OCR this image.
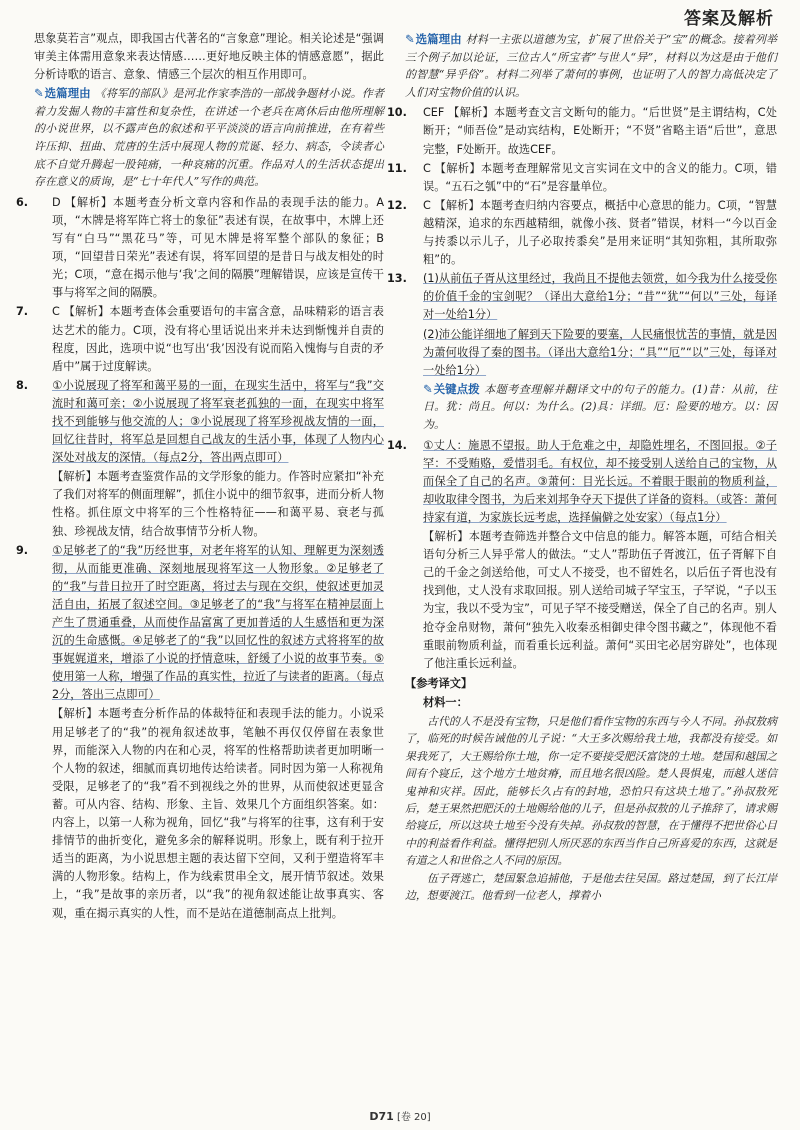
答案及解析
思象莫若言”观点，即我国古代著名的“言象意”理论。相关论述是“强调审美主体需用意象来表达情感……更好地反映主体的情感意愿”，据此分析诗歌的语言、意象、情感三个层次的相互作用即可。
✎选篇理由 《将军的部队》是河北作家李浩的一部战争题材小说。作者着力发掘人物的丰富性和复杂性，在讲述一个老兵在离休后由他所理解的小说世界，以不露声色的叙述和平平淡淡的语言向前推进，在有着些许压抑、扭曲、荒唐的生活中展现人物的荒诞、轻力、病态，令读者心底不自觉升腾起一股钝痛，一种哀痛的沉重。作品对人的生活状态提出存在意义的质询，是“七十年代人”写作的典范。
6. D 【解析】本题考查分析文章内容和作品的表现手法的能力。A项，“木牌是将军阵亡将士的象征”表述有误，在故事中，木牌上还写有“白马”“黑花马”等，可见木牌是将军整个部队的象征；B项，“回望昔日荣光”表述有误，将军回望的是昔日与战友相处的时光；C项，“意在揭示他与‘我’之间的隔膜”理解错误，应该是宣传干事与将军之间的隔膜。
7. C 【解析】本题考查体会重要语句的丰富含意，品味精彩的语言表达艺术的能力。C项，没有将心里话说出来并未达到惭愧并自责的程度，因此，选项中说“也写出‘我’因没有说而陷入愧悔与自责的矛盾中”属于过度解读。
8. ①小说展现了将军和蔼平易的一面，在现实生活中，将军与“我”交流时和蔼可亲；②小说展现了将军衰老孤独的一面，在现实中将军找不到能够与他交流的人；③小说展现了将军珍视战友情的一面，回忆往昔时，将军总是回想自己战友的生活小事，体现了人物内心深处对战友的深情。（每点2分，答出两点即可）
【解析】本题考查鉴赏作品的文学形象的能力。作答时应紧扣“补充了我们对将军的侧面理解”，抓住小说中的细节叙事，进而分析人物性格。抓住原文中将军的三个性格特征——和蔼平易、衰老与孤独、珍视战友情，结合故事情节分析人物。
9. ①足够老了的“我”历经世事，对老年将军的认知、理解更为深刻透彻，从而能更准确、深刻地展现将军这一人物形象。②足够老了的“我”与昔日拉开了时空距离，将过去与现在交织，使叙述更加灵活自由，拓展了叙述空间。③足够老了的“我”与将军在精神层面上产生了贯通重叠，从而使作品富寓了更加普适的人生感悟和更为深沉的生命感慨。④足够老了的“我”以回忆性的叙述方式将将军的故事娓娓道来，增添了小说的抒情意味，舒缓了小说的故事节奏。⑤使用第一人称，增强了作品的真实性，拉近了与读者的距离。（每点2分，答出三点即可）
【解析】本题考查分析作品的体裁特征和表现手法的能力。小说采用足够老了的“我”的视角叙述故事，笔触不再仅仅停留在表象世界，而能深入人物的内在和心灵，将军的性格帮助读者更加明晰一个人物的叙述，细腻而真切地传达给读者。同时因为第一人称视角受限，足够老了的“我”看不到视线之外的世界，从而使叙述更显含蓄。可从内容、结构、形象、主旨、效果几个方面组织答案。如：内容上，以第一人称为视角，回忆“我”与将军的往事，这有利于安排情节的曲折变化，避免多余的解释说明。形象上，既有利于拉开适当的距离，为小说思想主题的表达留下空间，又利于塑造将军丰满的人物形象。结构上，作为线索贯串全文，展开情节叙述。效果上，“我”是故事的亲历者，以“我”的视角叙述能让故事真实、客观，重在揭示真实的人性，而不是站在道德制高点上批判。
✎选篇理由 材料一主张以道德为宝，扩展了世俗关于“宝”的概念。接着列举三个例子加以论证，三位古人“所宝者”与世人“异”，材料以为这是由于他们的智慧“异乎俗”。材料二列举了萧何的事例，也证明了人的智力高低决定了人们对宝物价值的认识。
10. CEF 【解析】本题考查文言文断句的能力。“后世贤”是主谓结构，C处断开；“师吾俭”是动宾结构，E处断开；“不贤”省略主语“后世”，意思完整，F处断开。故选CEF。
11. C 【解析】本题考查理解常见文言实词在文中的含义的能力。C项，错误。“五石之瓠”中的“石”是容量单位。
12. C 【解析】本题考查归纳内容要点，概括中心意思的能力。C项，“智慧越精深，追求的东西越精细，就像小孩、贤者”错误，材料一“今以百金与抟黍以示儿子，儿子必取抟黍矣”是用来证明“其知弥粗，其所取弥粗”的。
13. (1)从前伍子胥从这里经过，我尚且不提他去领赏，如今我为什么接受你的价值千金的宝剑呢？（译出大意给1分；“昔”“犹”“何以”三处，每译对一处给1分）
(2)沛公能详细地了解到天下险要的要塞，人民痛恨忧苦的事情，就是因为萧何收得了秦的图书。（译出大意给1分；“具”“厄”“以”三处，每译对一处给1分）
✎关键点拨 本题考查理解并翻译文中的句子的能力。(1)昔：从前，往日。犹：尚且。何以：为什么。(2)具：详细。厄：险要的地方。以：因为。
14. ①丈人：施恩不望报。助人于危难之中，却隐姓埋名，不图回报。②子罕：不受贿赂，爱惜羽毛。有权位，却不接受别人送给自己的宝物，从而保全了自己的名声。③萧何：目光长远。不着眼于眼前的物质利益，却收取律令图书，为后来刘邦争夺天下提供了详备的资料。（或答：萧何持家有道，为家族长远考虑，选择偏僻之处安家）（每点1分）
【解析】本题考查筛选并整合文中信息的能力。解答本题，可结合相关语句分析三人异乎常人的做法。“丈人”帮助伍子胥渡江，伍子胥解下自己的千金之剑送给他，可丈人不接受，也不留姓名，以后伍子胥也没有找到他，丈人没有求取回报。别人送给司城子罕宝玉，子罕说，“子以玉为宝，我以不受为宝”，可见子罕不接受赠送，保全了自己的名声。别人抢夺金帛财物，萧何“独先入收秦丞相御史律令图书藏之”，体现他不看重眼前物质利益，而看重长远利益。萧何“买田宅必居穷辟处”，也体现了他注重长远利益。
【参考译文】
材料一：
古代的人不是没有宝物，只是他们看作宝物的东西与今人不同。孙叔敖病了，临死的时候告诫他的儿子说：“大王多次赐给我土地，我都没有接受。如果我死了，大王赐给你土地，你一定不要接受肥沃富饶的土地。楚国和越国之间有个寝丘，这个地方土地贫瘠，而且地名很凶险。楚人畏惧鬼，而越人迷信鬼神和灾祥。因此，能够长久占有的封地，恐怕只有这块土地了。”孙叔敖死后，楚王果然把肥沃的土地赐给他的儿子，但是孙叔敖的儿子推辞了，请求赐给寝丘，所以这块土地至今没有失掉。孙叔敖的智慧，在于懂得不把世俗心目中的利益看作利益。懂得把别人所厌恶的东西当作自己所喜爱的东西，这就是有道之人和世俗之人不同的原因。
伍子胥逃亡，楚国緊急追捕他，于是他去往吴国。路过楚国，到了长江岸边，想要渡江。他看到一位老人，撑着小
D71 [卷 20]
